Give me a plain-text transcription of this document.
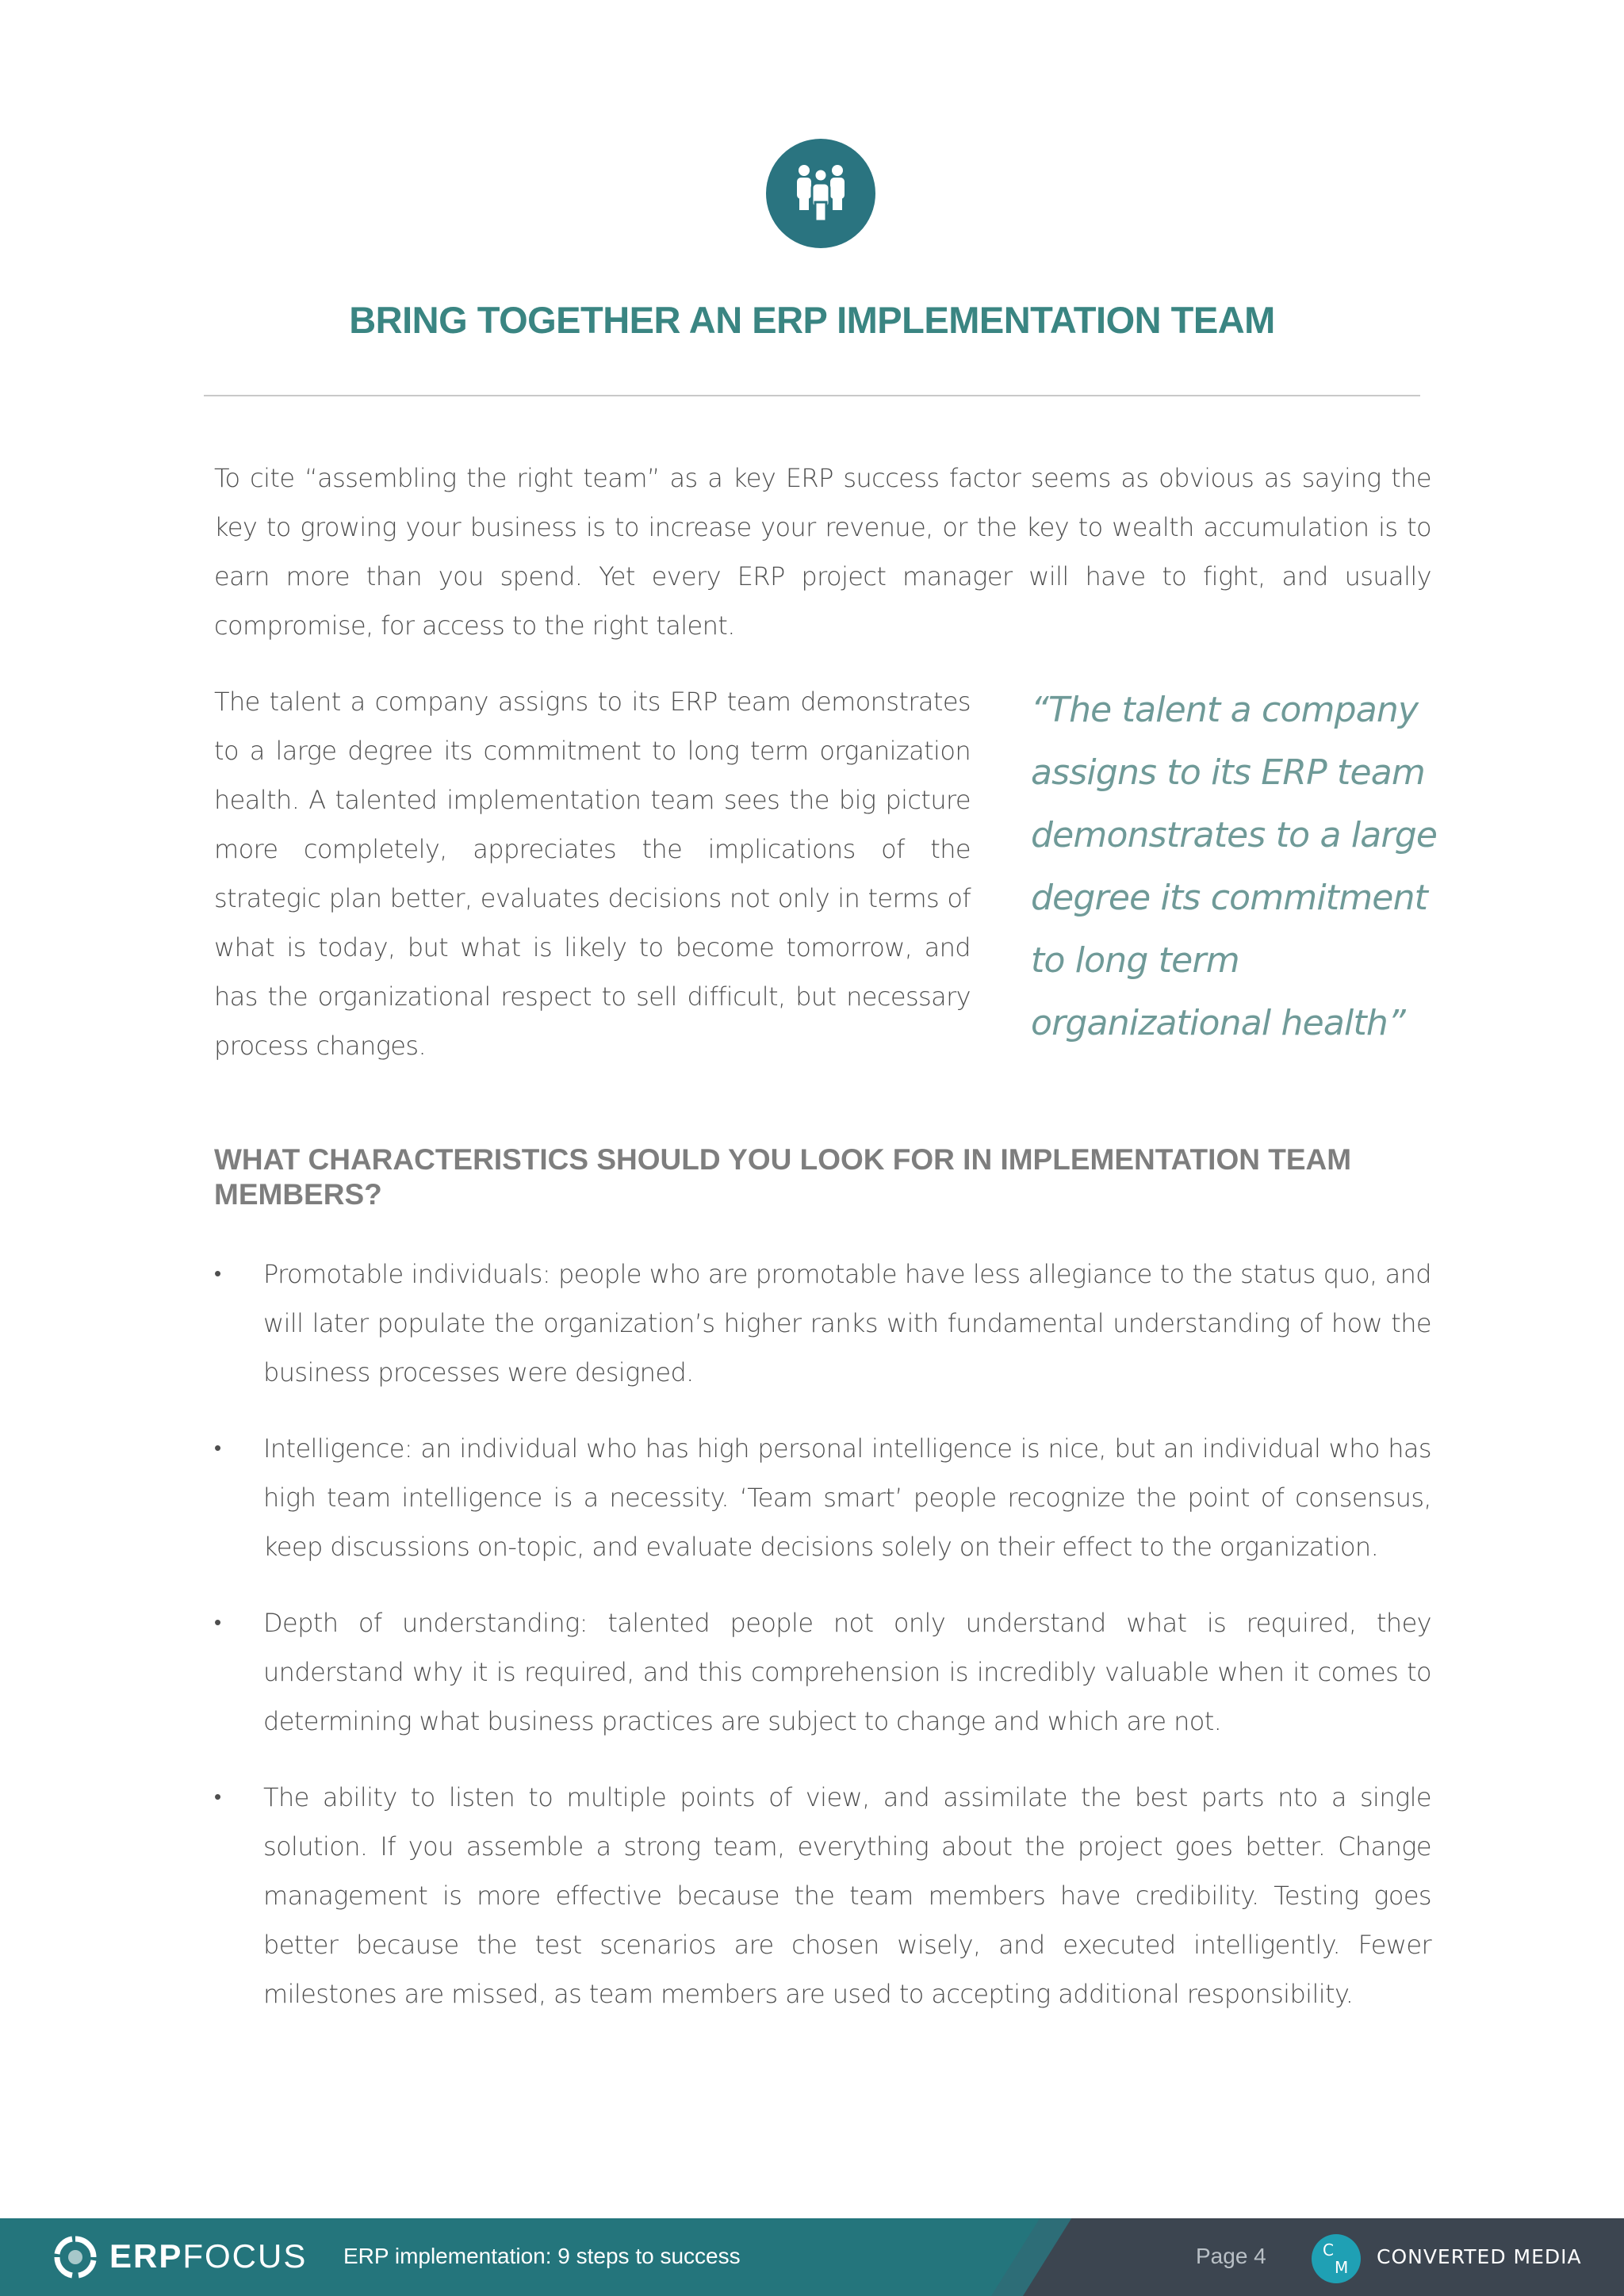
BRING TOGETHER AN ERP IMPLEMENTATION TEAM

To cite “assembling the right team” as a key ERP success factor seems as obvious as saying the key to growing your business is to increase your revenue, or the key to wealth accumulation is to earn more than you spend. Yet every ERP project manager will have to fight, and usually compromise, for access to the right talent.

The talent a company assigns to its ERP team demonstrates to a large degree its commitment to long term organization health. A talented implementation team sees the big picture more completely, appreciates the implications of the strategic plan better, evaluates decisions not only in terms of what is today, but what is likely to become tomorrow, and has the organizational respect to sell difficult, but necessary process changes.

“The talent a company assigns to its ERP team demonstrates to a large degree its commitment to long term organizational health”

WHAT CHARACTERISTICS SHOULD YOU LOOK FOR IN IMPLEMENTATION TEAM MEMBERS?
• Promotable individuals: people who are promotable have less allegiance to the status quo, and will later populate the organization’s higher ranks with fundamental understanding of how the business processes were designed.

• Intelligence: an individual who has high personal intelligence is nice, but an individual who has high team intelligence is a necessity. ‘Team smart’ people recognize the point of consensus, keep discussions on-topic, and evaluate decisions solely on their effect to the organization.

• Depth of understanding: talented people not only understand what is required, they understand why it is required, and this comprehension is incredibly valuable when it comes to determining what business practices are subject to change and which are not.

• The ability to listen to multiple points of view, and assimilate the best parts nto a single solution. If you assemble a strong team, everything about the project goes better. Change management is more effective because the team members have credibility. Testing goes better because the test scenarios are chosen wisely, and executed intelligently. Fewer milestones are missed, as team members are used to accepting additional responsibility.

ERPFOCUS ERP implementation: 9 steps to success	Page 4	C
M CONVERTED MEDIA
